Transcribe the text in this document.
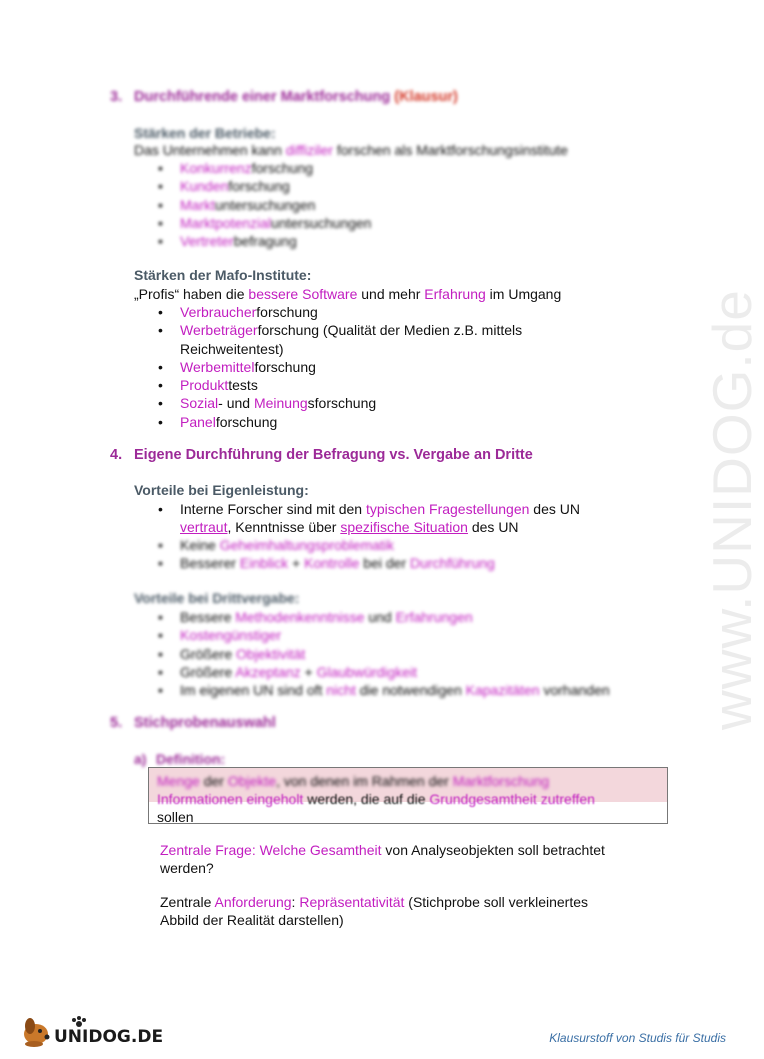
www.UNIDOG.de
3. Durchführende einer Marktforschung (Klausur)
Stärken der Betriebe:
Das Unternehmen kann diffiziler forschen als Marktforschungsinstitute
• Konkurrenzforschung
• Kundenforschung
• Marktuntersuchungen
• Marktpotenzialuntersuchungen
• Vertreterbefragung
Stärken der Mafo-Institute:
„Profis“ haben die bessere Software und mehr Erfahrung im Umgang
• Verbraucherforschung
• Werbeträgerforschung (Qualität der Medien z.B. mittels
Reichweitentest)
• Werbemittelforschung
• Produkttests
• Sozial- und Meinungsforschung
• Panelforschung
4. Eigene Durchführung der Befragung vs. Vergabe an Dritte
Vorteile bei Eigenleistung:
• Interne Forscher sind mit den typischen Fragestellungen des UN
vertraut, Kenntnisse über spezifische Situation des UN
• Keine Geheimhaltungsproblematik
• Besserer Einblick + Kontrolle bei der Durchführung
Vorteile bei Drittvergabe:
• Bessere Methodenkenntnisse und Erfahrungen
• Kostengünstiger
• Größere Objektivität
• Größere Akzeptanz + Glaubwürdigkeit
• Im eigenen UN sind oft nicht die notwendigen Kapazitäten vorhanden
5. Stichprobenauswahl
a) Definition:
Menge der Objekte, von denen im Rahmen der Marktforschung
Informationen eingeholt werden, die auf die Grundgesamtheit zutreffen
sollen
Zentrale Frage: Welche Gesamtheit von Analyseobjekten soll betrachtet
werden?
Zentrale Anforderung: Repräsentativität (Stichprobe soll verkleinertes
Abbild der Realität darstellen)
UNIDOG.DE	Klausurstoff von Studis für Studis
